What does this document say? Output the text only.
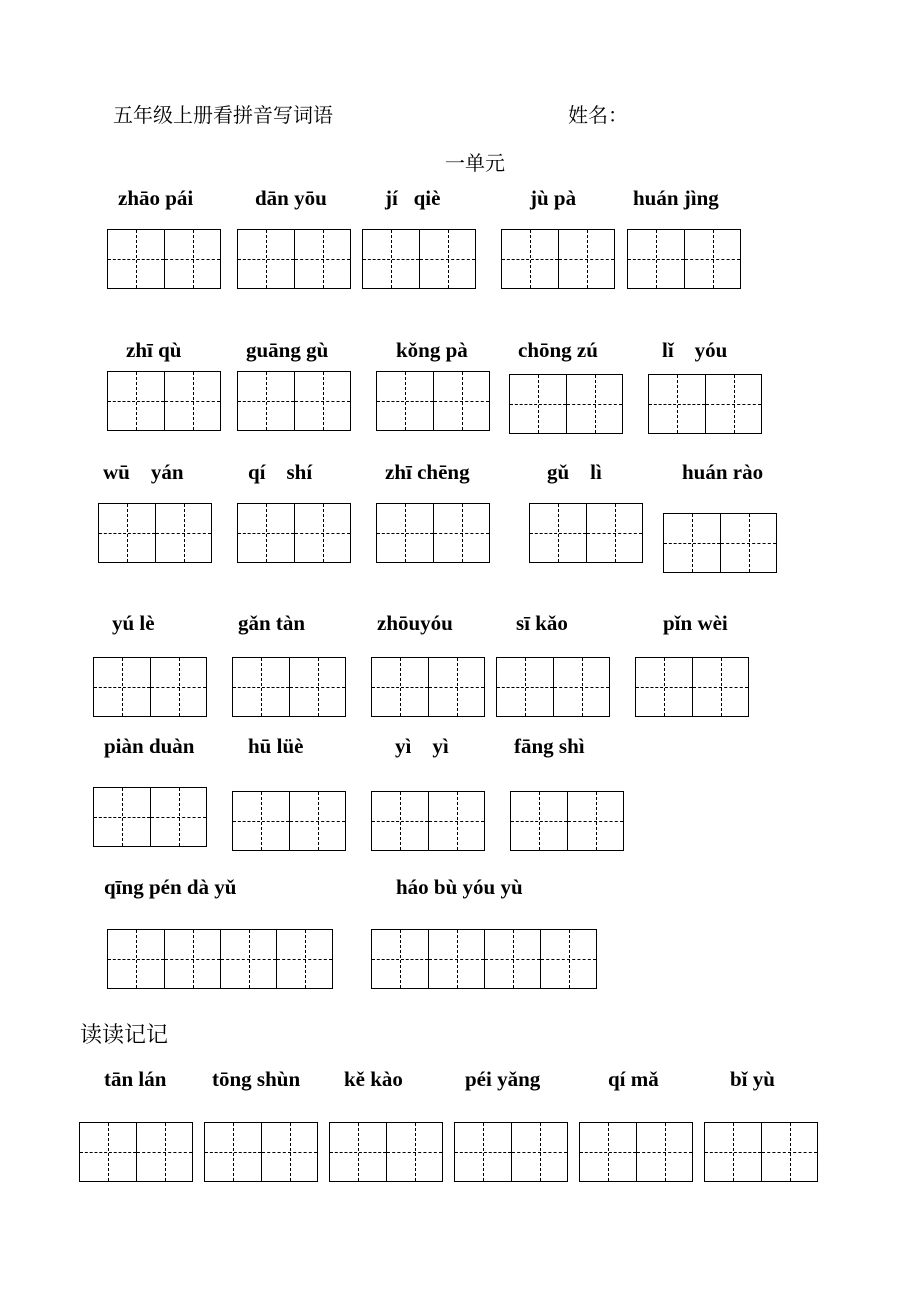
五年级上册看拼音写词语	姓名：
一单元
读读记记
zhāo pái	dān yōu	jí   qiè	jù pà	huán jìng
zhī qù	guāng gù	kǒng pà chōng zú	lǐ    yóu
wū    yán	qí    shí	zhī chēng	gǔ    lì	huán rào
yú lè	gǎn tàn	zhōuyóu	sī kǎo	pǐn wèi
piàn duàn	hū lüè	yì    yì	fāng shì
qīng pén dà yǔ	háo bù yóu yù
tān lán tōng shùn kě kào	péi yǎng	qí mǎ	bǐ yù
